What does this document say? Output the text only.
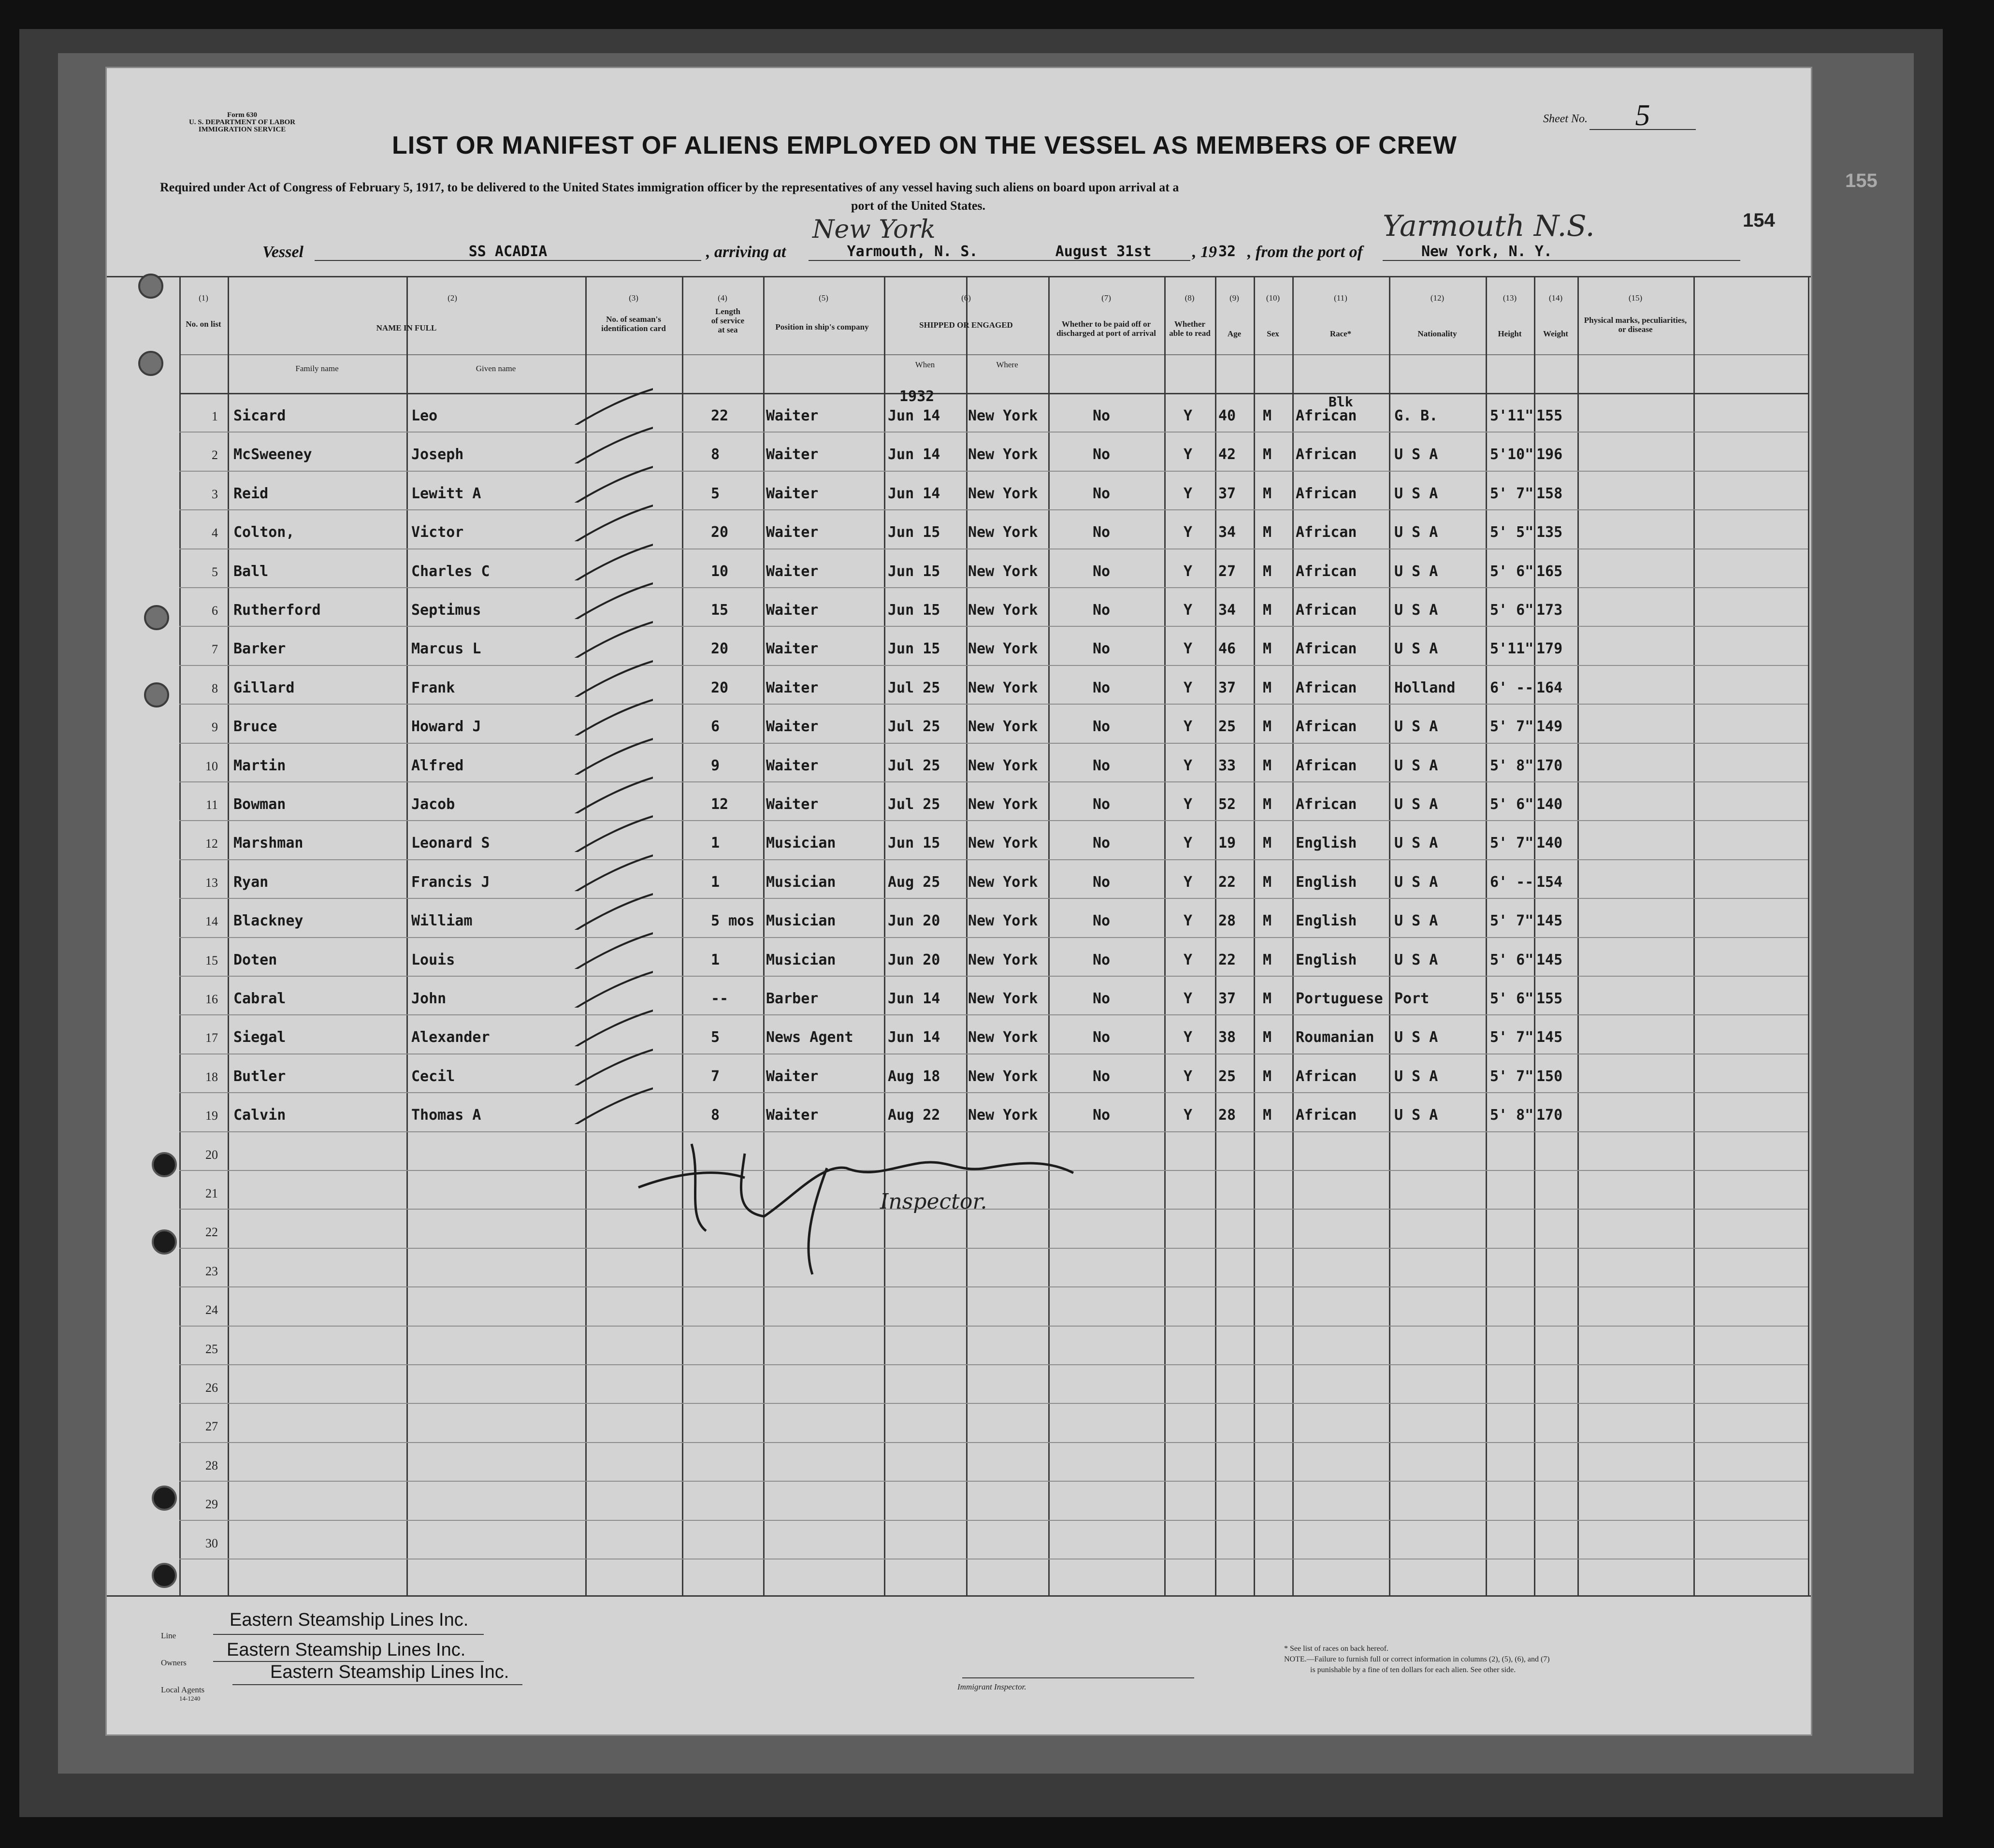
Form 630
U. S. DEPARTMENT OF LABOR
IMMIGRATION SERVICE
Sheet No.	5
LIST OR MANIFEST OF ALIENS EMPLOYED ON THE VESSEL AS MEMBERS OF CREW
Required under Act of Congress of February 5, 1917, to be delivered to the United States immigration officer by the representatives of any vessel having such aliens on board upon arrival at a
port of the United States.
Vessel	SS ACADIA	, arriving at	Yarmouth, N. S.
New York
August 31st	, 19 32 , from the port of	New York, N. Y.
Yarmouth N.S.
(1)
No. on list
(2)
NAME IN FULL
Family name	Given name
(3)
No. of seaman's identification card
(4)
Length of service at sea
(5)
Position in ship's company
(6)
SHIPPED OR ENGAGED
When	Where
(7)
Whether to be paid off or discharged at port of arrival
(8)
Whether able to read
(9)
Age
(10)
Sex
(11)
Race*
(12)
Nationality
(13)
Height
(14)
Weight
(15)
Physical marks, peculiarities, or disease
1932	Blk
1 Sicard	Leo	22	Waiter	Jun 14 New York	No	Y 40 M African	G. B.	5'11" 155
2 McSweeney	Joseph	8	Waiter	Jun 14 New York	No	Y 42 M African	U S A	5'10" 196
3 Reid	Lewitt A	5	Waiter	Jun 14 New York	No	Y 37 M African	U S A	5' 7" 158
4 Colton,	Victor	20	Waiter	Jun 15 New York	No	Y 34 M African	U S A	5' 5" 135
5 Ball	Charles C	10	Waiter	Jun 15 New York	No	Y 27 M African	U S A	5' 6" 165
6 Rutherford	Septimus	15	Waiter	Jun 15 New York	No	Y 34 M African	U S A	5' 6" 173
7 Barker	Marcus L	20	Waiter	Jun 15 New York	No	Y 46 M African	U S A	5'11" 179
8 Gillard	Frank	20	Waiter	Jul 25 New York	No	Y 37 M African	Holland 6' -- 164
9 Bruce	Howard J	6	Waiter	Jul 25 New York	No	Y 25 M African	U S A	5' 7" 149
10 Martin	Alfred	9	Waiter	Jul 25 New York	No	Y 33 M African	U S A	5' 8" 170
11 Bowman	Jacob	12	Waiter	Jul 25 New York	No	Y 52 M African	U S A	5' 6" 140
12 Marshman	Leonard S	1	Musician	Jun 15 New York	No	Y 19 M English	U S A	5' 7" 140
13 Ryan	Francis J	1	Musician	Aug 25 New York	No	Y 22 M English	U S A	6' -- 154
14 Blackney	William	5 mos Musician	Jun 20 New York	No	Y 28 M English	U S A	5' 7" 145
15 Doten	Louis	1	Musician	Jun 20 New York	No	Y 22 M English	U S A	5' 6" 145
16 Cabral	John	--	Barber	Jun 14 New York	No	Y 37 M Portuguese Port	5' 6" 155
17 Siegal	Alexander	5	News Agent Jun 14 New York	No	Y 38 M Roumanian U S A	5' 7" 145
18 Butler	Cecil	7	Waiter	Aug 18 New York	No	Y 25 M African	U S A	5' 7" 150
19 Calvin	Thomas A	8	Waiter	Aug 22 New York	No	Y 28 M African	U S A	5' 8" 170
20
21
22
23
24
25
26
27
28
29
30
Inspector.
Line
Eastern Steamship Lines Inc.
Owners
Eastern Steamship Lines Inc.
Local Agents
Eastern Steamship Lines Inc.
14-1240
Immigrant Inspector.
* See list of races on back hereof.
NOTE.—Failure to furnish full or correct information in columns (2), (5), (6), and (7)
is punishable by a fine of ten dollars for each alien. See other side.
155
154
